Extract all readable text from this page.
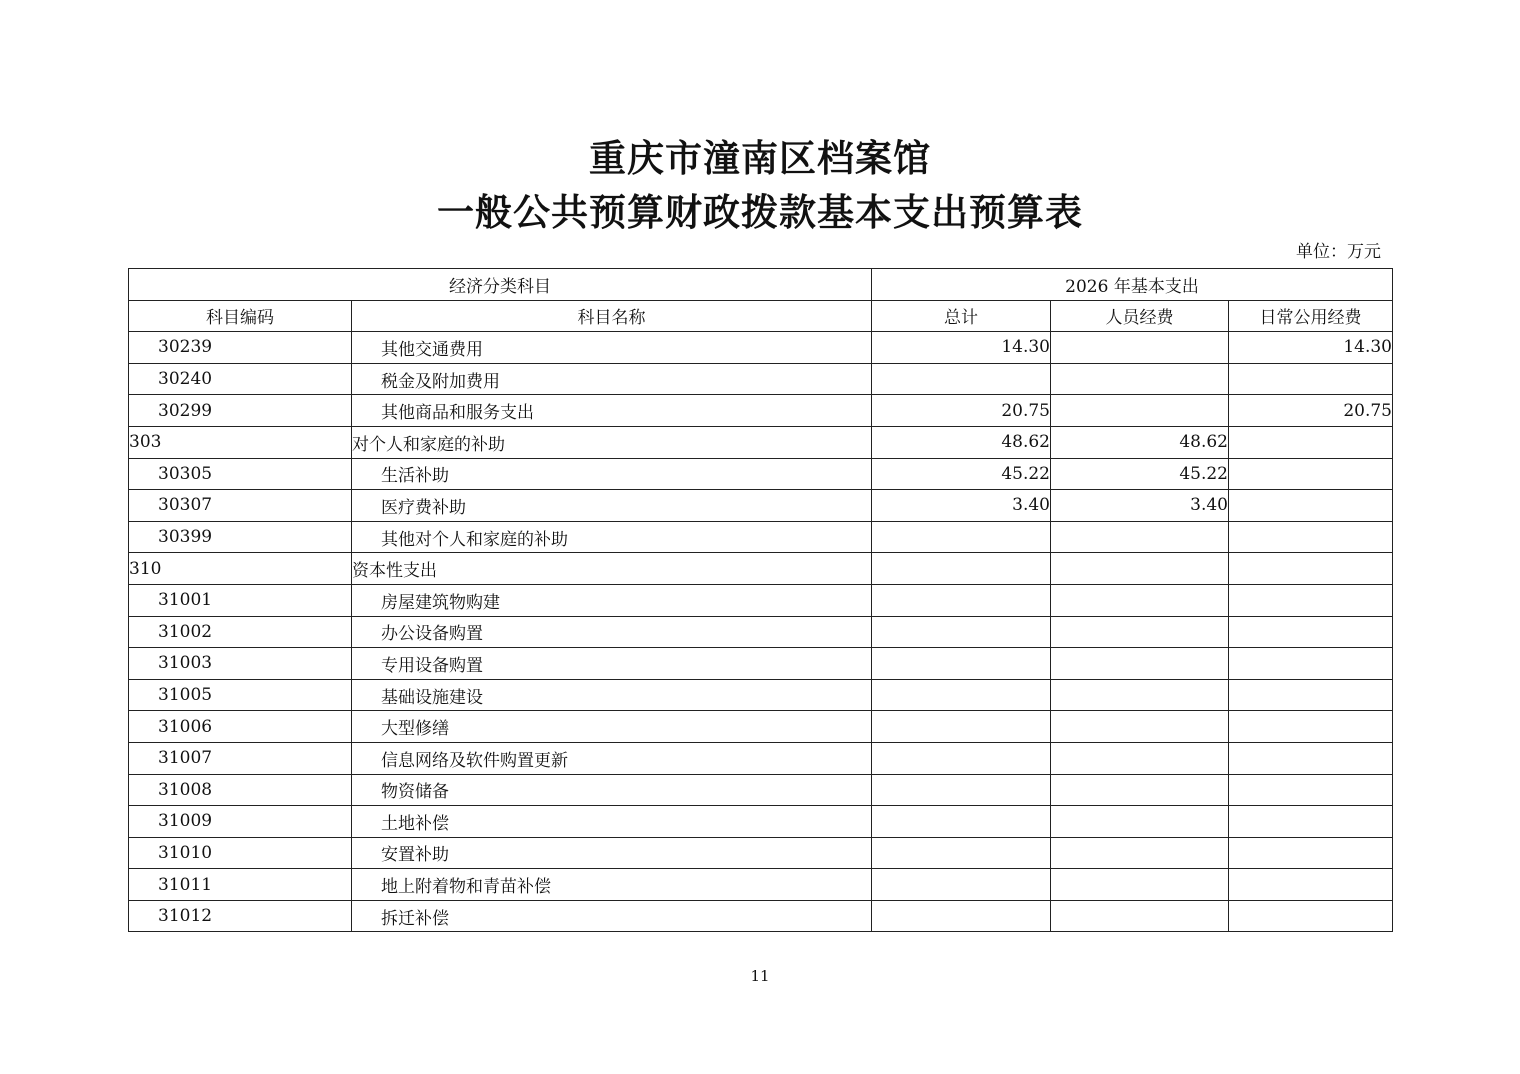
重庆市潼南区档案馆
一般公共预算财政拨款基本支出预算表
单位：万元
经济分类科目		2026 年基本支出		
科目编码	科目名称	总计	人员经费	日常公用经费
30239	其他交通费用	14.30		14.30
30240	税金及附加费用			
30299	其他商品和服务支出	20.75		20.75
303	对个人和家庭的补助	48.62	48.62	
30305	生活补助	45.22	45.22	
30307	医疗费补助	3.40	3.40	
30399	其他对个人和家庭的补助			
310	资本性支出			
31001	房屋建筑物购建			
31002	办公设备购置			
31003	专用设备购置			
31005	基础设施建设			
31006	大型修缮			
31007	信息网络及软件购置更新			
31008	物资储备			
31009	土地补偿			
31010	安置补助			
31011	地上附着物和青苗补偿			
31012	拆迁补偿			
11
